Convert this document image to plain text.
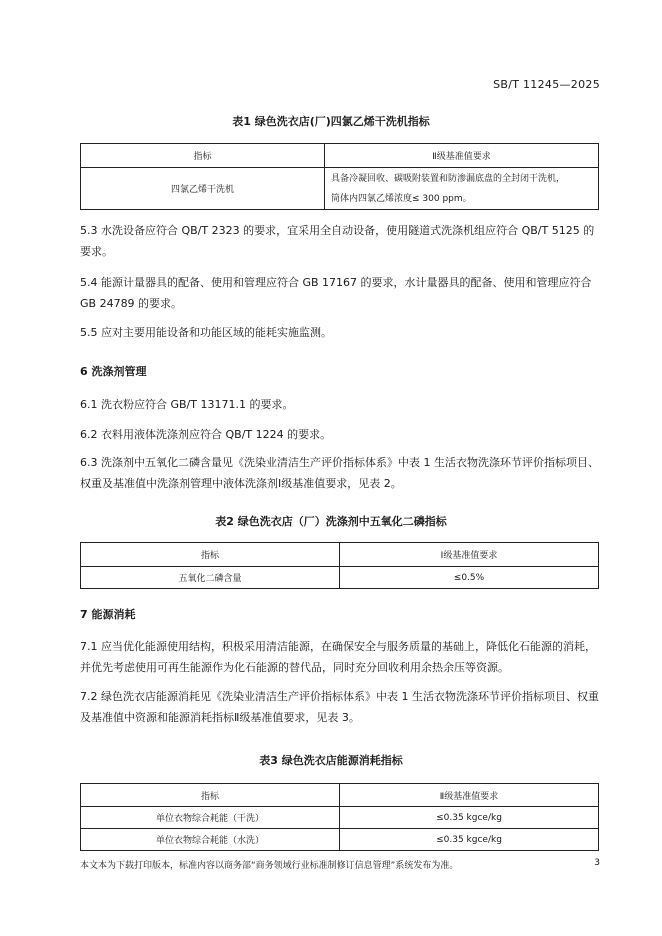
SB/T 11245—2025
表1 绿色洗衣店(厂)四氯乙烯干洗机指标
指标	Ⅱ级基准值要求
四氯乙烯干洗机	具备冷凝回收、碳吸附装置和防渗漏底盘的全封闭干洗机，
筒体内四氯乙烯浓度≤ 300 ppm。
5.3 水洗设备应符合 QB/T 2323 的要求，宜采用全自动设备，使用隧道式洗涤机组应符合 QB/T 5125 的要求。
5.4 能源计量器具的配备、使用和管理应符合 GB 17167 的要求，水计量器具的配备、使用和管理应符合 GB 24789 的要求。
5.5 应对主要用能设备和功能区域的能耗实施监测。
6 洗涤剂管理
6.1 洗衣粉应符合 GB/T 13171.1 的要求。
6.2 衣料用液体洗涤剂应符合 QB/T 1224 的要求。
6.3 洗涤剂中五氧化二磷含量见《洗染业清洁生产评价指标体系》中表 1 生活衣物洗涤环节评价指标项目、权重及基准值中洗涤剂管理中液体洗涤剂Ⅰ级基准值要求，见表 2。
表2 绿色洗衣店（厂）洗涤剂中五氧化二磷指标
指标	Ⅰ级基准值要求
五氧化二磷含量	≤0.5%
7 能源消耗
7.1 应当优化能源使用结构，积极采用清洁能源，在确保安全与服务质量的基础上，降低化石能源的消耗，并优先考虑使用可再生能源作为化石能源的替代品，同时充分回收利用余热余压等资源。
7.2 绿色洗衣店能源消耗见《洗染业清洁生产评价指标体系》中表 1 生活衣物洗涤环节评价指标项目、权重及基准值中资源和能源消耗指标Ⅱ级基准值要求，见表 3。
表3 绿色洗衣店能源消耗指标
指标	Ⅱ级基准值要求
单位衣物综合耗能（干洗）	≤0.35 kgce/kg
单位衣物综合耗能（水洗）	≤0.35 kgce/kg
本文本为下载打印版本，标准内容以商务部“商务领域行业标准制修订信息管理”系统发布为准。	3
